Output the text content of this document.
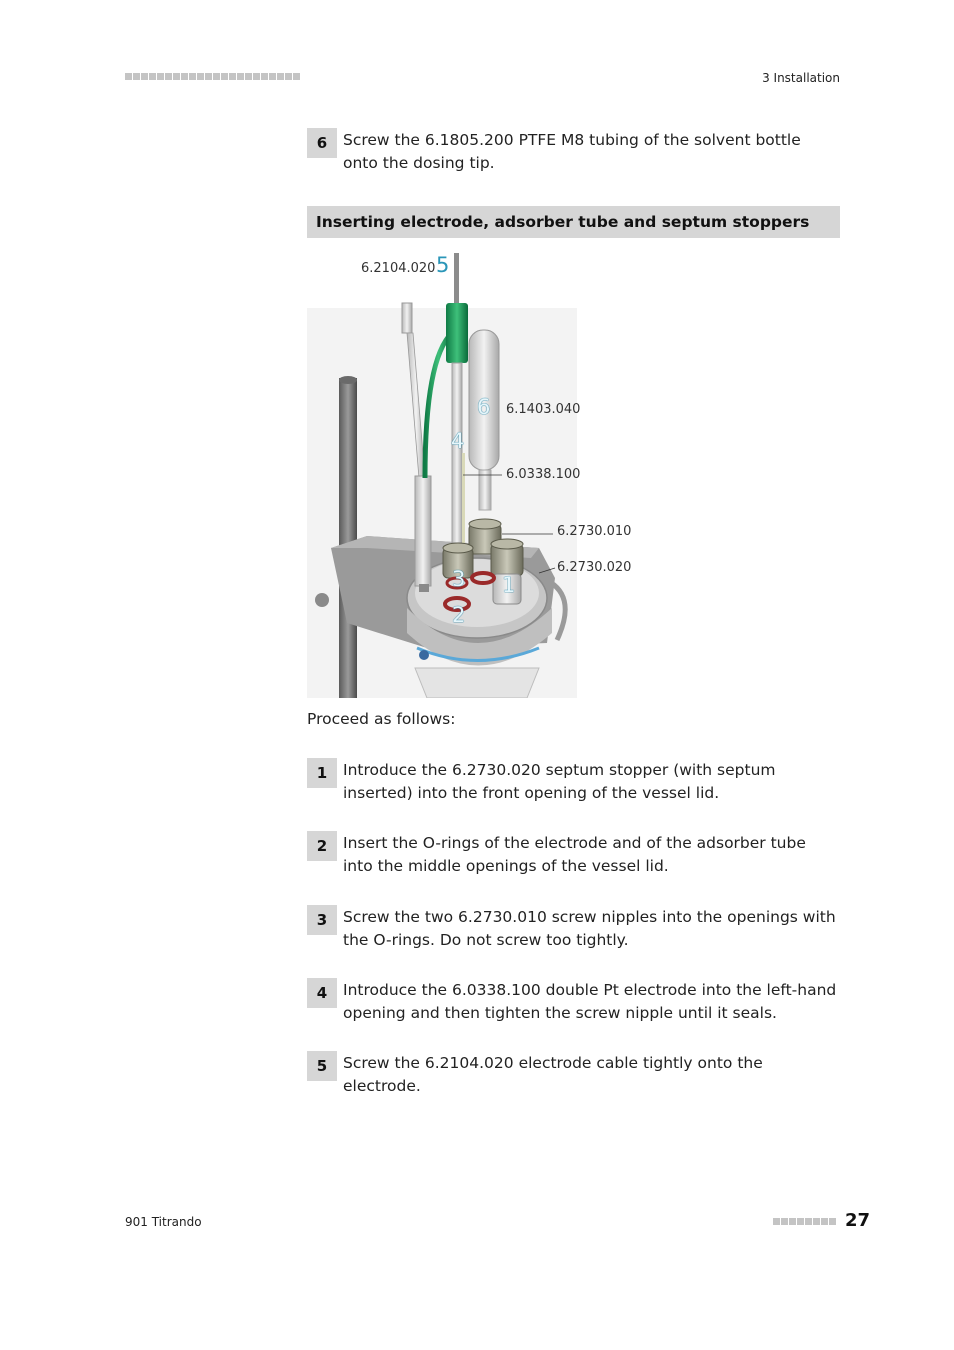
3 Installation
6	Screw the 6.1805.200 PTFE M8 tubing of the solvent bottle onto the dosing tip.
Inserting electrode, adsorber tube and septum stoppers
6.2104.020 5
6.1403.040
6
4
6.0338.100
6.2730.010
6.2730.020
3 1
2
Proceed as follows:
1	Introduce the 6.2730.020 septum stopper (with septum inserted) into the front opening of the vessel lid.
2	Insert the O-rings of the electrode and of the adsorber tube into the middle openings of the vessel lid.
3	Screw the two 6.2730.010 screw nipples into the openings with the O-rings. Do not screw too tightly.
4	Introduce the 6.0338.100 double Pt electrode into the left-hand opening and then tighten the screw nipple until it seals.
5	Screw the 6.2104.020 electrode cable tightly onto the electrode.
901 Titrando	27
